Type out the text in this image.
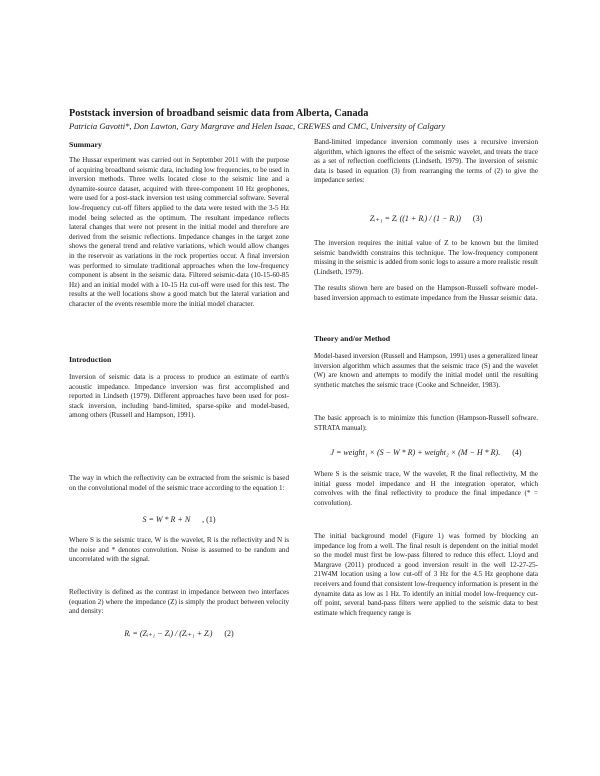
Poststack inversion of broadband seismic data from Alberta, Canada
Patricia Gavotti*, Don Lawton, Gary Margrave and Helen Isaac, CREWES and CMC, University of Calgary
Summary

The Hussar experiment was carried out in September 2011 with the purpose of acquiring broadband seismic data, including low frequencies, to be used in inversion methods. Three wells located close to the seismic line and a dynamite-source dataset, acquired with three-component 10 Hz geophones, were used for a post-stack inversion test using commercial software. Several low-frequency cut-off filters applied to the data were tested with the 3-5 Hz model being selected as the optimum. The resultant impedance reflects lateral changes that were not present in the initial model and therefore are derived from the seismic reflections. Impedance changes in the target zone shows the general trend and relative variations, which would allow changes in the reservoir as variations in the rock properties occur. A final inversion was performed to simulate traditional approaches when the low-frequency component is absent in the seismic data. Filtered seismic-data (10-15-60-85 Hz) and an initial model with a 10-15 Hz cut-off were used for this test. The results at the well locations show a good match but the lateral variation and character of the events resemble more the initial model character.

Introduction

Inversion of seismic data is a process to produce an estimate of earth's acoustic impedance. Impedance inversion was first accomplished and reported in Lindseth (1979). Different approaches have been used for post-stack inversion, including band-limited, sparse-spike and model-based, among others (Russell and Hampson, 1991).

The way in which the reflectivity can be extracted from the seismic is based on the convolutional model of the seismic trace according to the equation 1:

S = W * R + N , (1)

Where S is the seismic trace, W is the wavelet, R is the reflectivity and N is the noise and * denotes convolution. Noise is assumed to be random and uncorrelated with the signal.

Reflectivity is defined as the contrast in impedance between two interfaces (equation 2) where the impedance (Z) is simply the product between velocity and density:

Rᵢ = (Zᵢ₊₁ − Zᵢ) / (Zᵢ₊₁ + Zᵢ) (2)

Band-limited impedance inversion commonly uses a recursive inversion algorithm, which ignores the effect of the seismic wavelet, and treats the trace as a set of reflection coefficients (Lindseth, 1979). The inversion of seismic data is based in equation (3) from rearranging the terms of (2) to give the impedance series:

Zᵢ₊₁ = Zᵢ ((1 + Rᵢ) / (1 − Rᵢ)) (3)

The inversion requires the initial value of Z to be known but the limited seismic bandwidth constrains this technique. The low-frequency component missing in the seismic is added from sonic logs to assure a more realistic result (Lindseth, 1979).

The results shown here are based on the Hampson-Russell software model-based inversion approach to estimate impedance from the Hussar seismic data.

Theory and/or Method

Model-based inversion (Russell and Hampson, 1991) uses a generalized linear inversion algorithm which assumes that the seismic trace (S) and the wavelet (W) are known and attempts to modify the initial model until the resulting synthetic matches the seismic trace (Cooke and Schneider, 1983).

The basic approach is to minimize this function (Hampson-Russell software. STRATA manual):

J = weight₁ × (S − W * R) + weight₂ × (M − H * R). (4)

Where S is the seismic trace, W the wavelet, R the final reflectivity, M the initial guess model impedance and H the integration operator, which convolves with the final reflectivity to produce the final impedance (* = convolution).

The initial background model (Figure 1) was formed by blocking an impedance log from a well. The final result is dependent on the initial model so the model must first be low-pass filtered to reduce this effect. Lloyd and Margrave (2011) produced a good inversion result in the well 12-27-25-21W4M location using a low cut-off of 3 Hz for the 4.5 Hz geophone data receivers and found that consistent low-frequency information is present in the dynamite data as low as 1 Hz. To identify an initial model low-frequency cut-off point, several band-pass filters were applied to the seismic data to best estimate which frequency range is
